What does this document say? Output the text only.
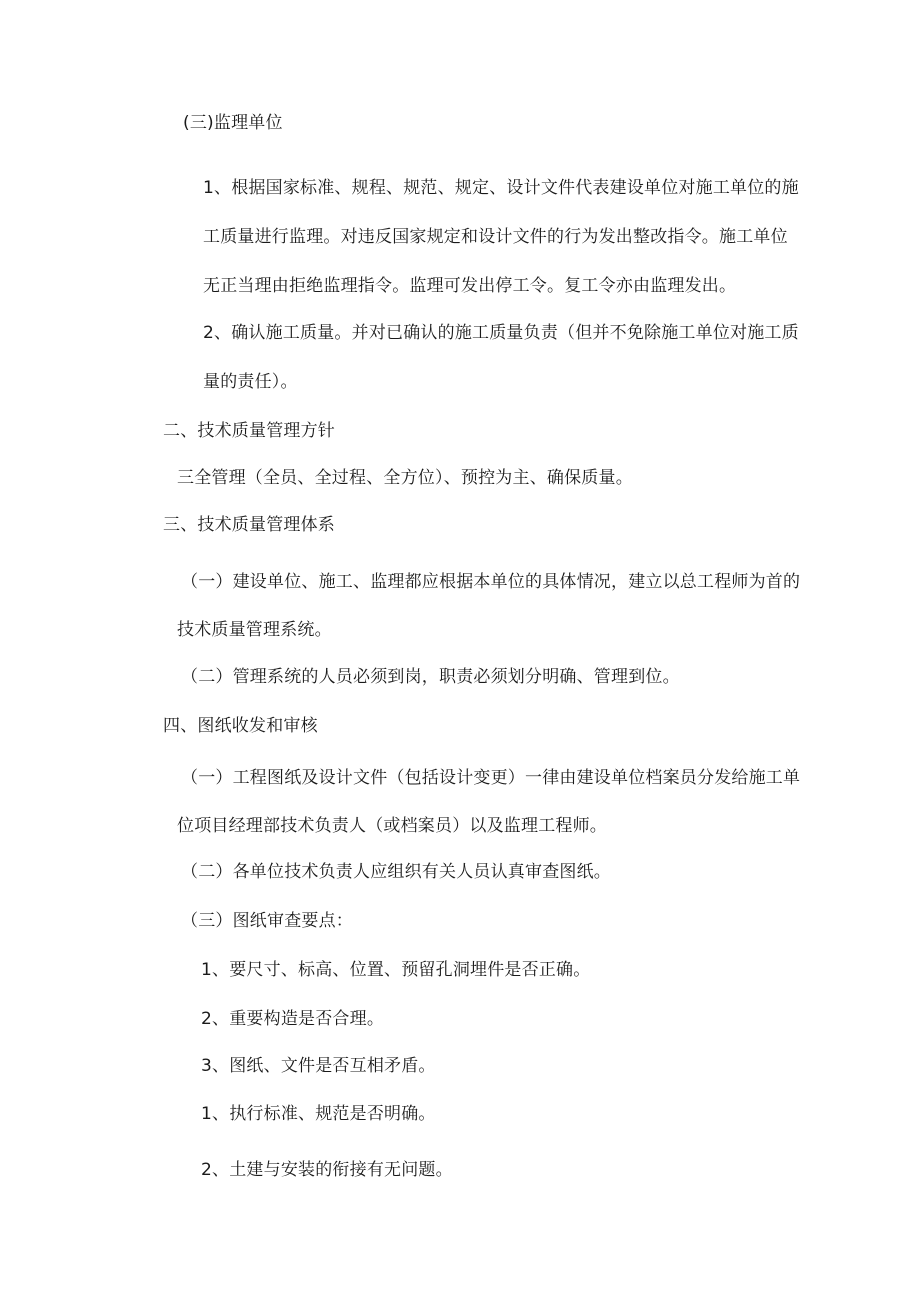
(三)监理单位
1、根据国家标准、规程、规范、规定、设计文件代表建设单位对施工单位的施
工质量进行监理。对违反国家规定和设计文件的行为发出整改指令。施工单位
无正当理由拒绝监理指令。监理可发出停工令。复工令亦由监理发出。
2、确认施工质量。并对已确认的施工质量负责（但并不免除施工单位对施工质
量的责任）。
二、技术质量管理方针
三全管理（全员、全过程、全方位）、预控为主、确保质量。
三、技术质量管理体系
（一）建设单位、施工、监理都应根据本单位的具体情况，建立以总工程师为首的
技术质量管理系统。
（二）管理系统的人员必须到岗，职责必须划分明确、管理到位。
四、图纸收发和审核
（一）工程图纸及设计文件（包括设计变更）一律由建设单位档案员分发给施工单
位项目经理部技术负责人（或档案员）以及监理工程师。
（二）各单位技术负责人应组织有关人员认真审查图纸。
（三）图纸审查要点：
1、要尺寸、标高、位置、预留孔洞埋件是否正确。
2、重要构造是否合理。
3、图纸、文件是否互相矛盾。
1、执行标准、规范是否明确。
2、土建与安装的衔接有无问题。
